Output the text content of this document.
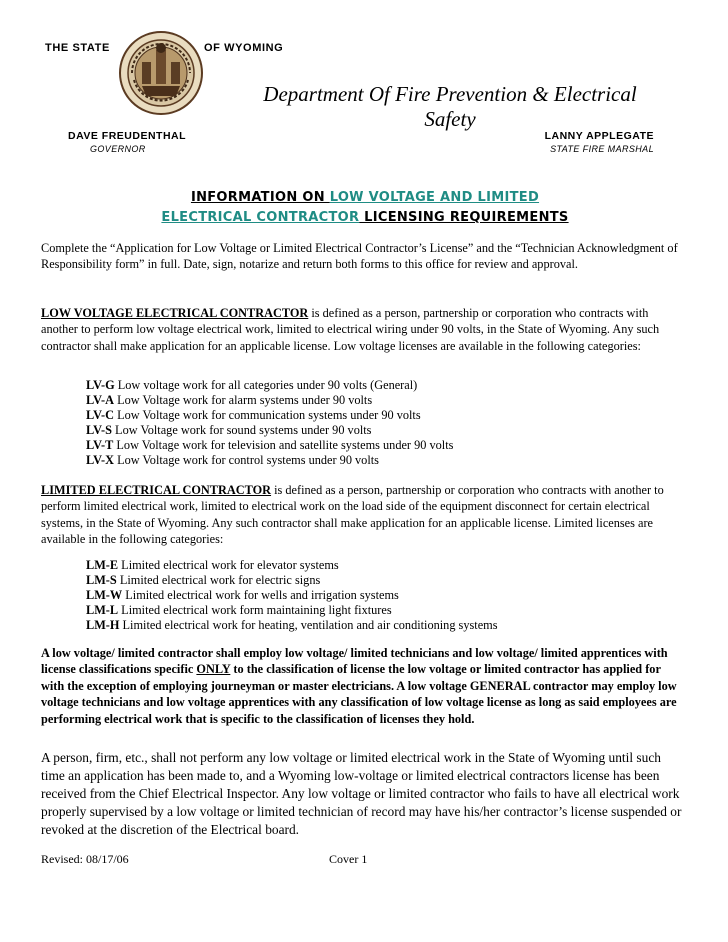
THE STATE	OF WYOMING
Department Of Fire Prevention & Electrical
Safety
DAVE FREUDENTHAL
GOVERNOR
LANNY APPLEGATE
STATE FIRE MARSHAL
INFORMATION ON LOW VOLTAGE AND LIMITED
ELECTRICAL CONTRACTOR LICENSING REQUIREMENTS
Complete the “Application for Low Voltage or Limited Electrical Contractor’s License” and the “Technician Acknowledgment of Responsibility form” in full. Date, sign, notarize and return both forms to this office for review and approval.
LOW VOLTAGE ELECTRICAL CONTRACTOR is defined as a person, partnership or corporation who contracts with another to perform low voltage electrical work, limited to electrical wiring under 90 volts, in the State of Wyoming. Any such contractor shall make application for an applicable license. Low voltage licenses are available in the following categories:
LV-G Low voltage work for all categories under 90 volts (General)
LV-A Low Voltage work for alarm systems under 90 volts
LV-C Low Voltage work for communication systems under 90 volts
LV-S Low Voltage work for sound systems under 90 volts
LV-T Low Voltage work for television and satellite systems under 90 volts
LV-X Low Voltage work for control systems under 90 volts
LIMITED ELECTRICAL CONTRACTOR is defined as a person, partnership or corporation who contracts with another to perform limited electrical work, limited to electrical work on the load side of the equipment disconnect for certain electrical systems, in the State of Wyoming. Any such contractor shall make application for an applicable license. Limited licenses are available in the following categories:
LM-E Limited electrical work for elevator systems
LM-S Limited electrical work for electric signs
LM-W Limited electrical work for wells and irrigation systems
LM-L Limited electrical work form maintaining light fixtures
LM-H Limited electrical work for heating, ventilation and air conditioning systems
A low voltage/ limited contractor shall employ low voltage/ limited technicians and low voltage/ limited apprentices with license classifications specific ONLY to the classification of license the low voltage or limited contractor has applied for with the exception of employing journeyman or master electricians. A low voltage GENERAL contractor may employ low voltage technicians and low voltage apprentices with any classification of low voltage license as long as said employees are performing electrical work that is specific to the classification of licenses they hold.
A person, firm, etc., shall not perform any low voltage or limited electrical work in the State of Wyoming until such time an application has been made to, and a Wyoming low-voltage or limited electrical contractors license has been received from the Chief Electrical Inspector. Any low voltage or limited contractor who fails to have all electrical work properly supervised by a low voltage or limited technician of record may have his/her contractor’s license suspended or revoked at the discretion of the Electrical board.
Revised: 08/17/06	Cover 1
